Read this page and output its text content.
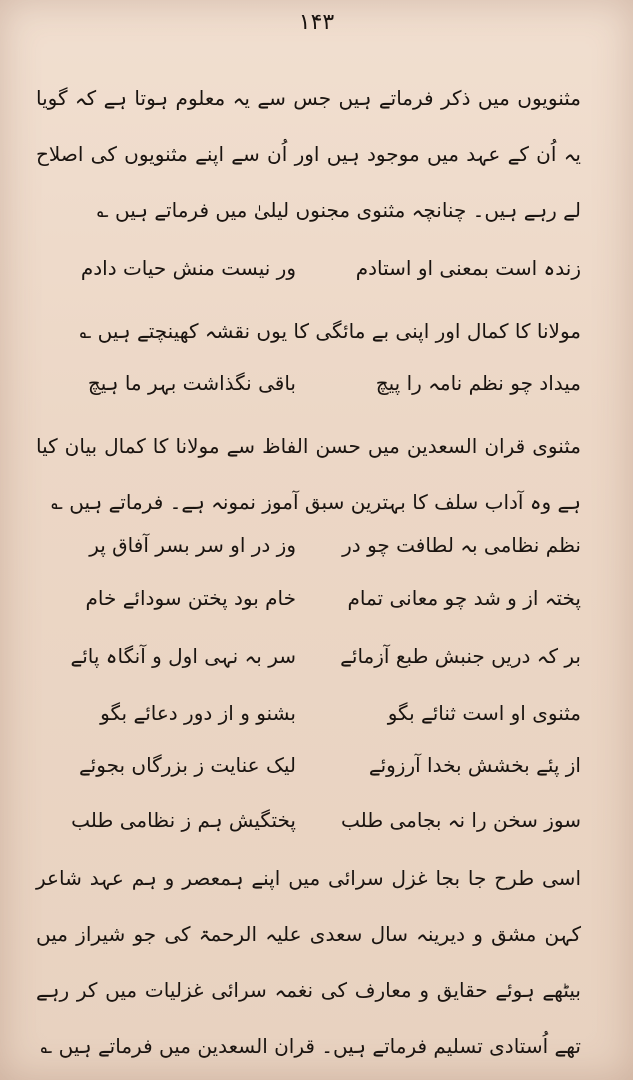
۱۴۳
مثنویوں میں ذکر فرماتے ہیں جس سے یہ معلوم ہوتا ہے کہ گویا یہ اُن کے عہد میں موجود ہیں اور اُن سے اپنے مثنویوں کی اصلاح لے رہے ہیں۔ چنانچہ مثنوی مجنوں لیلیٰ میں فرماتے ہیں ؎
زندہ است بمعنی او استادم
ور نیست منش حیات دادم
مولانا کا کمال اور اپنی بے مائگی کا یوں نقشہ کھینچتے ہیں ؎
میداد چو نظم نامہ را پیچ
باقی نگذاشت بہر ما ہیچ
مثنوی قران السعدین میں حسن الفاظ سے مولانا کا کمال بیان کیا ہے وہ آداب سلف کا بہترین سبق آموز نمونہ ہے۔ فرماتے ہیں ؎
نظم نظامی بہ لطافت چو در
وز در او سر بسر آفاق پر
پختہ از و شد چو معانی تمام
خام بود پختن سودائے خام
بر کہ دریں جنبش طبع آزمائے
سر بہ نہی اول و آنگاہ پائے
مثنوی او است ثنائے بگو
بشنو و از دور دعائے بگو
از پئے بخشش بخدا آرزوئے
لیک عنایت ز بزرگاں بجوئے
سوز سخن را نہ بجامی طلب
پختگیش ہم ز نظامی طلب
اسی طرح جا بجا غزل سرائی میں اپنے ہمعصر و ہم عہد شاعر کہن مشق و دیرینہ سال سعدی علیہ الرحمۃ کی جو شیراز میں بیٹھے ہوئے حقایق و معارف کی نغمہ سرائی غزلیات میں کر رہے تھے اُستادی تسلیم فرماتے ہیں۔ قران السعدین میں فرماتے ہیں ؎
